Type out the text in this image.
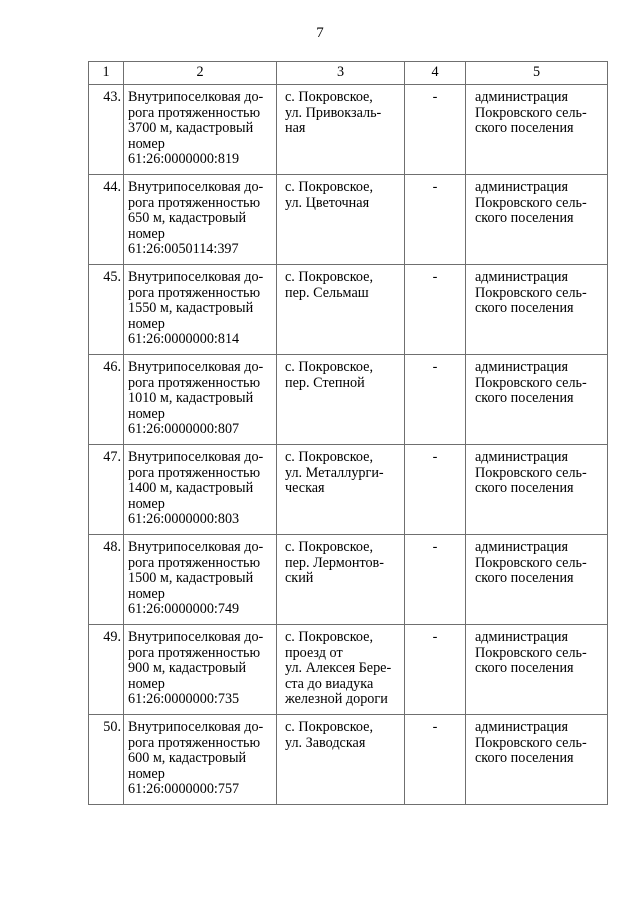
7
1	2	3	4	5
43.	Внутрипоселковая до-
рога протяженностью
3700 м, кадастровый
номер
61:26:0000000:819	с. Покровскоe,
ул. Привокзаль-
ная	-	администрация
Покровского сель-
ского поселения

44.	Внутрипоселковая до-
рога протяженностью
650 м, кадастровый
номер
61:26:0050114:397	с. Покровское,
ул. Цветочная	-	администрация
Покровского сель-
ского поселения

45.	Внутрипоселковая до-
рога протяженностью
1550 м, кадастровый
номер
61:26:0000000:814	с. Покровское,
пер. Сельмаш	-	администрация
Покровского сель-
ского поселения

46.	Внутрипоселковая до-
рога протяженностью
1010 м, кадастровый
номер
61:26:0000000:807	с. Покровское,
пер. Степной	-	администрация
Покровского сель-
ского поселения

47.	Внутрипоселковая до-
рога протяженностью
1400 м, кадастровый
номер
61:26:0000000:803	с. Покровское,
ул. Металлурги-
ческая	-	администрация
Покровского сель-
ского поселения

48.	Внутрипоселковая до-
рога протяженностью
1500 м, кадастровый
номер
61:26:0000000:749	с. Покровское,
пер. Лермонтов-
ский	-	администрация
Покровского сель-
ского поселения

49.	Внутрипоселковая до-
рога протяженностью
900 м, кадастровый
номер
61:26:0000000:735	с. Покровское,
проезд от
ул. Алексея Бере-
ста до виадука
железной дороги	-	администрация
Покровского сель-
ского поселения

50.	Внутрипоселковая до-
рога протяженностью
600 м, кадастровый
номер
61:26:0000000:757	с. Покровское,
ул. Заводская	-	администрация
Покровского сель-
ского поселения
